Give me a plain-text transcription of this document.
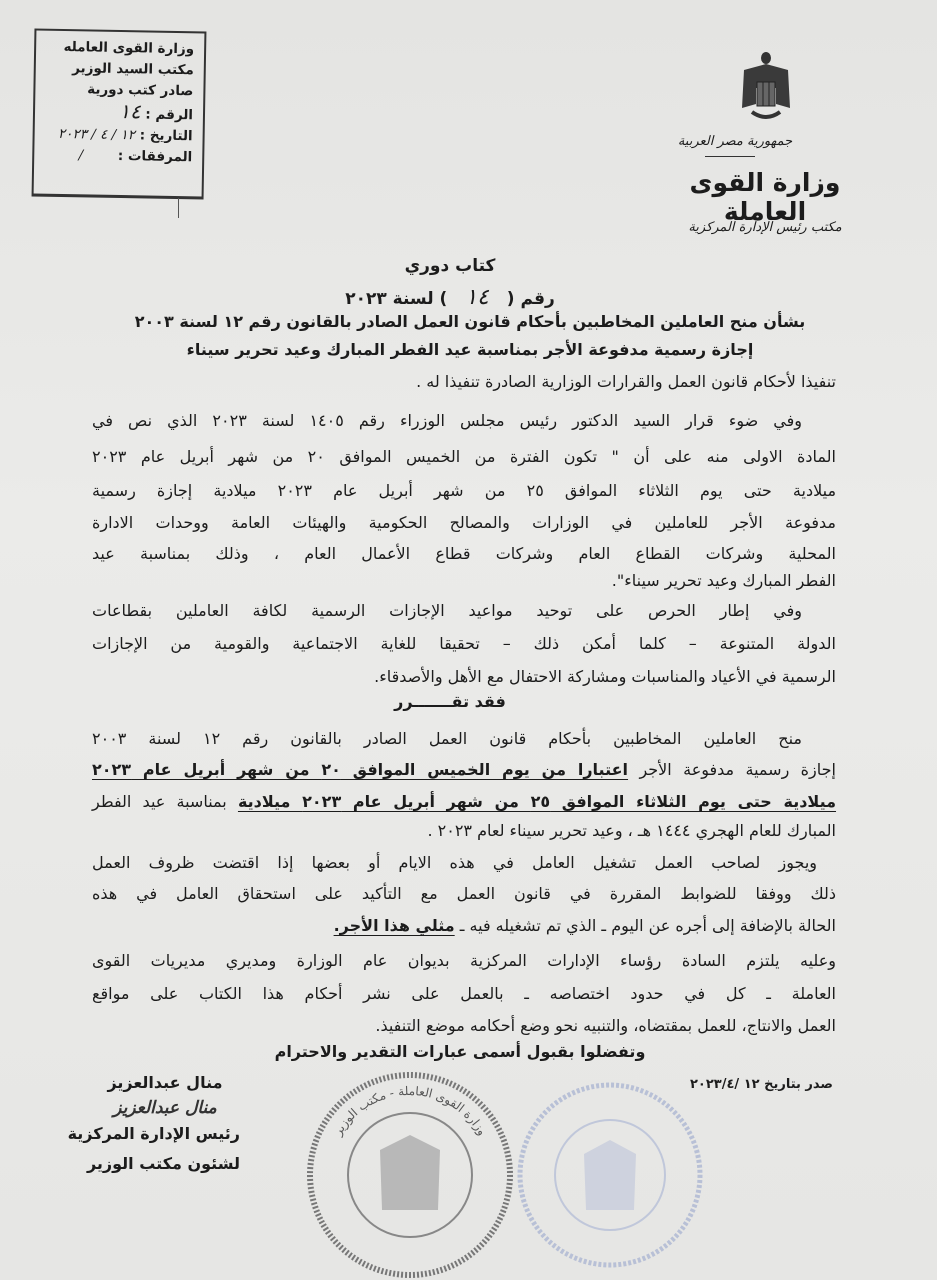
وزارة القوى العامله
مكتب السيد الوزير
صادر كتب دورية
الرقم : ١٤
التاريخ : ١٢ / ٤ / ٢٠٢٣
المرفقات : /
جمهورية مصر العربية
وزارة القوى العاملة
مكتب رئيس الإدارة المركزية
كتاب دوري
رقم ( ١٤ ) لسنة ٢٠٢٣
بشأن منح العاملين المخاطبين بأحكام قانون العمل الصادر بالقانون رقم ١٢ لسنة ٢٠٠٣
إجازة رسمية مدفوعة الأجر بمناسبة عيد الفطر المبارك وعيد تحرير سيناء
تنفيذا لأحكام قانون العمل والقرارات الوزارية الصادرة تنفيذا له .
وفي ضوء قرار السيد الدكتور رئيس مجلس الوزراء رقم ١٤٠٥ لسنة ٢٠٢٣ الذي نص في
المادة الاولى منه على أن " تكون الفترة من الخميس الموافق ٢٠ من شهر أبريل عام ٢٠٢٣
ميلادية حتى يوم الثلاثاء الموافق ٢٥ من شهر أبريل عام ٢٠٢٣ ميلادية إجازة رسمية
مدفوعة الأجر للعاملين في الوزارات والمصالح الحكومية والهيئات العامة ووحدات الادارة
المحلية وشركات القطاع العام وشركات قطاع الأعمال العام ، وذلك بمناسبة عيد
الفطر المبارك وعيد تحرير سيناء".
وفي إطار الحرص على توحيد مواعيد الإجازات الرسمية لكافة العاملين بقطاعات
الدولة المتنوعة – كلما أمكن ذلك – تحقيقا للغاية الاجتماعية والقومية من الإجازات
الرسمية في الأعياد والمناسبات ومشاركة الاحتفال مع الأهل والأصدقاء.
فقد تقـــــــرر
منح العاملين المخاطبين بأحكام قانون العمل الصادر بالقانون رقم ١٢ لسنة ٢٠٠٣
إجازة رسمية مدفوعة الأجر اعتبارا من يوم الخميس الموافق ٢٠ من شهر أبريل عام ٢٠٢٣
ميلادية حتى يوم الثلاثاء الموافق ٢٥ من شهر أبريل عام ٢٠٢٣ ميلادية بمناسبة عيد الفطر
المبارك للعام الهجري ١٤٤٤ هـ ، وعيد تحرير سيناء لعام ٢٠٢٣ .
ويجوز لصاحب العمل تشغيل العامل في هذه الايام أو بعضها إذا اقتضت ظروف العمل
ذلك ووفقا للضوابط المقررة في قانون العمل مع التأكيد على استحقاق العامل في هذه
الحالة بالإضافة إلى أجره عن اليوم ـ الذي تم تشغيله فيه ـ مثلي هذا الأجر.
وعليه يلتزم السادة رؤساء الإدارات المركزية بديوان عام الوزارة ومديري مديريات القوى
العاملة ـ كل في حدود اختصاصه ـ بالعمل على نشر أحكام هذا الكتاب على مواقع
العمل والانتاج، للعمل بمقتضاه، والتنبيه نحو وضع أحكامه موضع التنفيذ.
وتفضلوا بقبول أسمى عبارات التقدير والاحترام
وزارة القوى العاملة - مكتب الوزير
صدر بتاريخ ١٢ /٢٠٢٣/٤
منال عبدالعزيز
منال عبدالعزيز
رئيس الإدارة المركزية
لشئون مكتب الوزير
